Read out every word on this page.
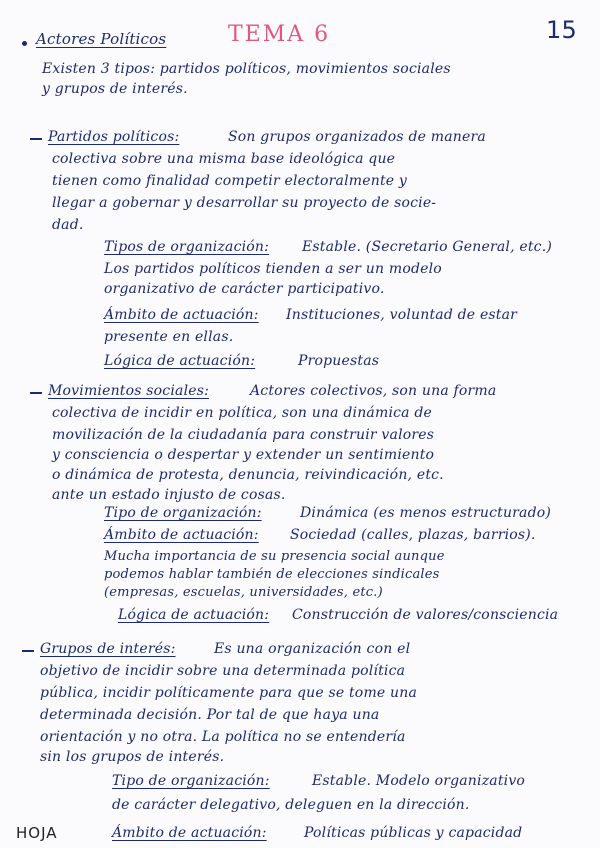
Actores Políticos	TEMA 6	15
Existen 3 tipos: partidos políticos, movimientos sociales
y grupos de interés.
Partidos políticos:	Son grupos organizados de manera
colectiva sobre una misma base ideológica que
tienen como finalidad competir electoralmente y
llegar a gobernar y desarrollar su proyecto de socie-
dad.
Tipos de organización: Estable. (Secretario General, etc.)
Los partidos políticos tienden a ser un modelo
organizativo de carácter participativo.
Ámbito de actuación: Instituciones, voluntad de estar
presente en ellas.
Lógica de actuación:	Propuestas
Movimientos sociales:	Actores colectivos, son una forma
colectiva de incidir en política, son una dinámica de
movilización de la ciudadanía para construir valores
y consciencia o despertar y extender un sentimiento
o dinámica de protesta, denuncia, reivindicación, etc.
ante un estado injusto de cosas.
Tipo de organización:	Dinámica (es menos estructurado)
Ámbito de actuación: Sociedad (calles, plazas, barrios).
Mucha importancia de su presencia social aunque
podemos hablar también de elecciones sindicales
(empresas, escuelas, universidades, etc.)
Lógica de actuación: Construcción de valores/consciencia
Grupos de interés:	Es una organización con el
objetivo de incidir sobre una determinada política
pública, incidir políticamente para que se tome una
determinada decisión. Por tal de que haya una
orientación y no otra. La política no se entendería
sin los grupos de interés.
Tipo de organización:	Estable. Modelo organizativo
de carácter delegativo, deleguen en la dirección.
Ámbito de actuación:	Políticas públicas y capacidad
HOJA
